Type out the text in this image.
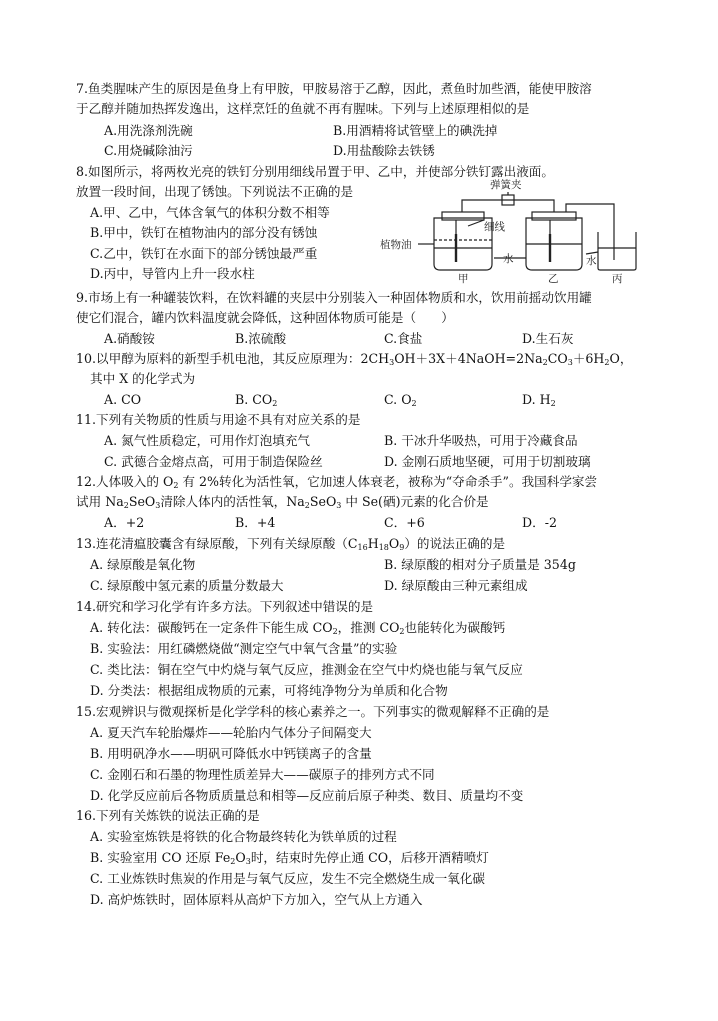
7.鱼类腥味产生的原因是鱼身上有甲胺，甲胺易溶于乙醇，因此，煮鱼时加些酒，能使甲胺溶
于乙醇并随加热挥发逸出，这样烹饪的鱼就不再有腥味。下列与上述原理相似的是
A.用洗涤剂洗碗	B.用酒精将试管壁上的碘洗掉
C.用烧碱除油污	D.用盐酸除去铁锈
8.如图所示，将两枚光亮的铁钉分别用细线吊置于甲、乙中，并使部分铁钉露出液面。
放置一段时间，出现了锈蚀。下列说法不正确的是
A.甲、乙中，气体含氧气的体积分数不相等
B.甲中，铁钉在植物油内的部分没有锈蚀
C.乙中，铁钉在水面下的部分锈蚀最严重
D.丙中，导管内上升一段水柱
弹簧夹
细线
植物油
水	水
甲	乙	丙
9.市场上有一种罐装饮料，在饮料罐的夹层中分别装入一种固体物质和水，饮用前摇动饮用罐
使它们混合，罐内饮料温度就会降低，这种固体物质可能是（　　）
A.硝酸铵	B.浓硫酸	C.食盐	D.生石灰
10.以甲醇为原料的新型手机电池，其反应原理为：$2CH_3OH+3X+4NaOH=2Na_2CO_3+6H_2O$，
其中 X 的化学式为
A. CO	B. $CO_2$	C. $O_2$	D. $H_2$
11.下列有关物质的性质与用途不具有对应关系的是
A. 氮气性质稳定，可用作灯泡填充气	B. 干冰升华吸热，可用于冷藏食品
C. 武德合金熔点高，可用于制造保险丝	D. 金刚石质地坚硬，可用于切割玻璃
12.人体吸入的 $O_2$ 有 2%转化为活性氧，它加速人体衰老，被称为“夺命杀手”。我国科学家尝
试用 $Na_2SeO_3$清除人体内的活性氧，$Na_2SeO_3$ 中 Se(硒)元素的化合价是
A．+2	B．+4	C．+6	D．-2
13.连花清瘟胶囊含有绿原酸，下列有关绿原酸$(C_{16}H_{18}O_9)$的说法正确的是
A. 绿原酸是氧化物	B. 绿原酸的相对分子质量是 354g
C. 绿原酸中氢元素的质量分数最大	D. 绿原酸由三种元素组成
14.研究和学习化学有许多方法。下列叙述中错误的是
A. 转化法：碳酸钙在一定条件下能生成 $CO_2$，推测 $CO_2$也能转化为碳酸钙
B. 实验法：用红磷燃烧做“测定空气中氧气含量”的实验
C. 类比法：铜在空气中灼烧与氧气反应，推测金在空气中灼烧也能与氧气反应
D. 分类法：根据组成物质的元素，可将纯净物分为单质和化合物
15.宏观辨识与微观探析是化学学科的核心素养之一。下列事实的微观解释不正确的是
A. 夏天汽车轮胎爆炸——轮胎内气体分子间隔变大
B. 用明矾净水——明矾可降低水中钙镁离子的含量
C. 金刚石和石墨的物理性质差异大——碳原子的排列方式不同
D. 化学反应前后各物质质量总和相等—反应前后原子种类、数目、质量均不变
16.下列有关炼铁的说法正确的是
A. 实验室炼铁是将铁的化合物最终转化为铁单质的过程
B. 实验室用 CO 还原 $Fe_2O_3$时，结束时先停止通 CO，后移开酒精喷灯
C. 工业炼铁时焦炭的作用是与氧气反应，发生不完全燃烧生成一氧化碳
D. 高炉炼铁时，固体原料从高炉下方加入，空气从上方通入
